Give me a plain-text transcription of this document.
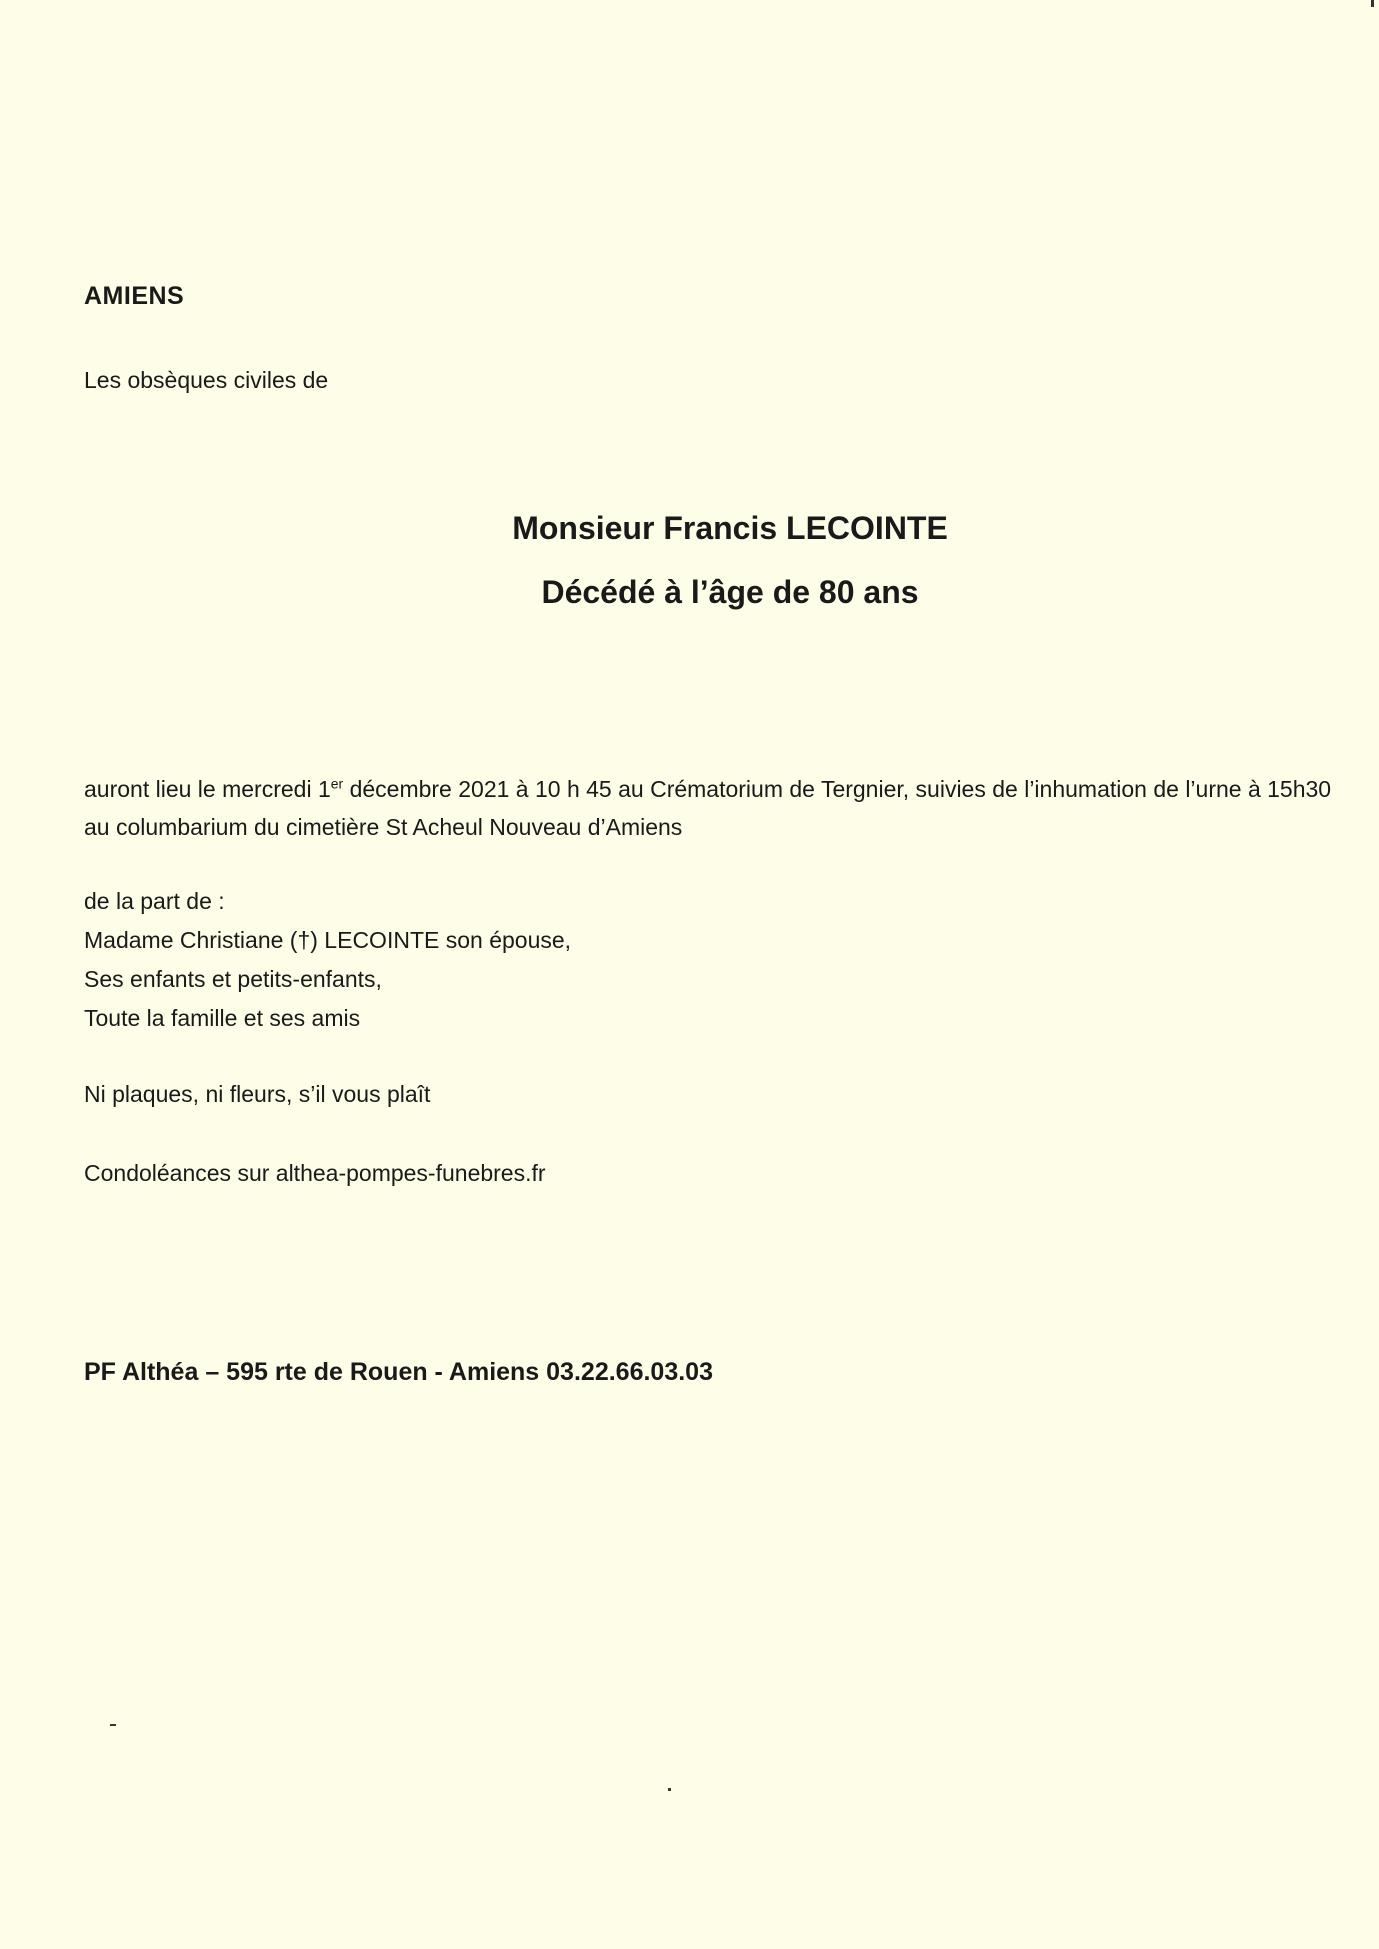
AMIENS
Les obsèques civiles de
Monsieur Francis LECOINTE
Décédé à l’âge de 80 ans
auront lieu le mercredi 1er décembre 2021 à 10 h 45 au Crématorium de Tergnier, suivies de l’inhumation de l’urne à 15h30 au columbarium du cimetière St Acheul Nouveau d’Amiens
de la part de :
Madame Christiane (†) LECOINTE son épouse,
Ses enfants et petits-enfants,
Toute la famille et ses amis
Ni plaques, ni fleurs, s’il vous plaît
Condoléances sur althea-pompes-funebres.fr
PF Althéa – 595 rte de Rouen - Amiens 03.22.66.03.03
